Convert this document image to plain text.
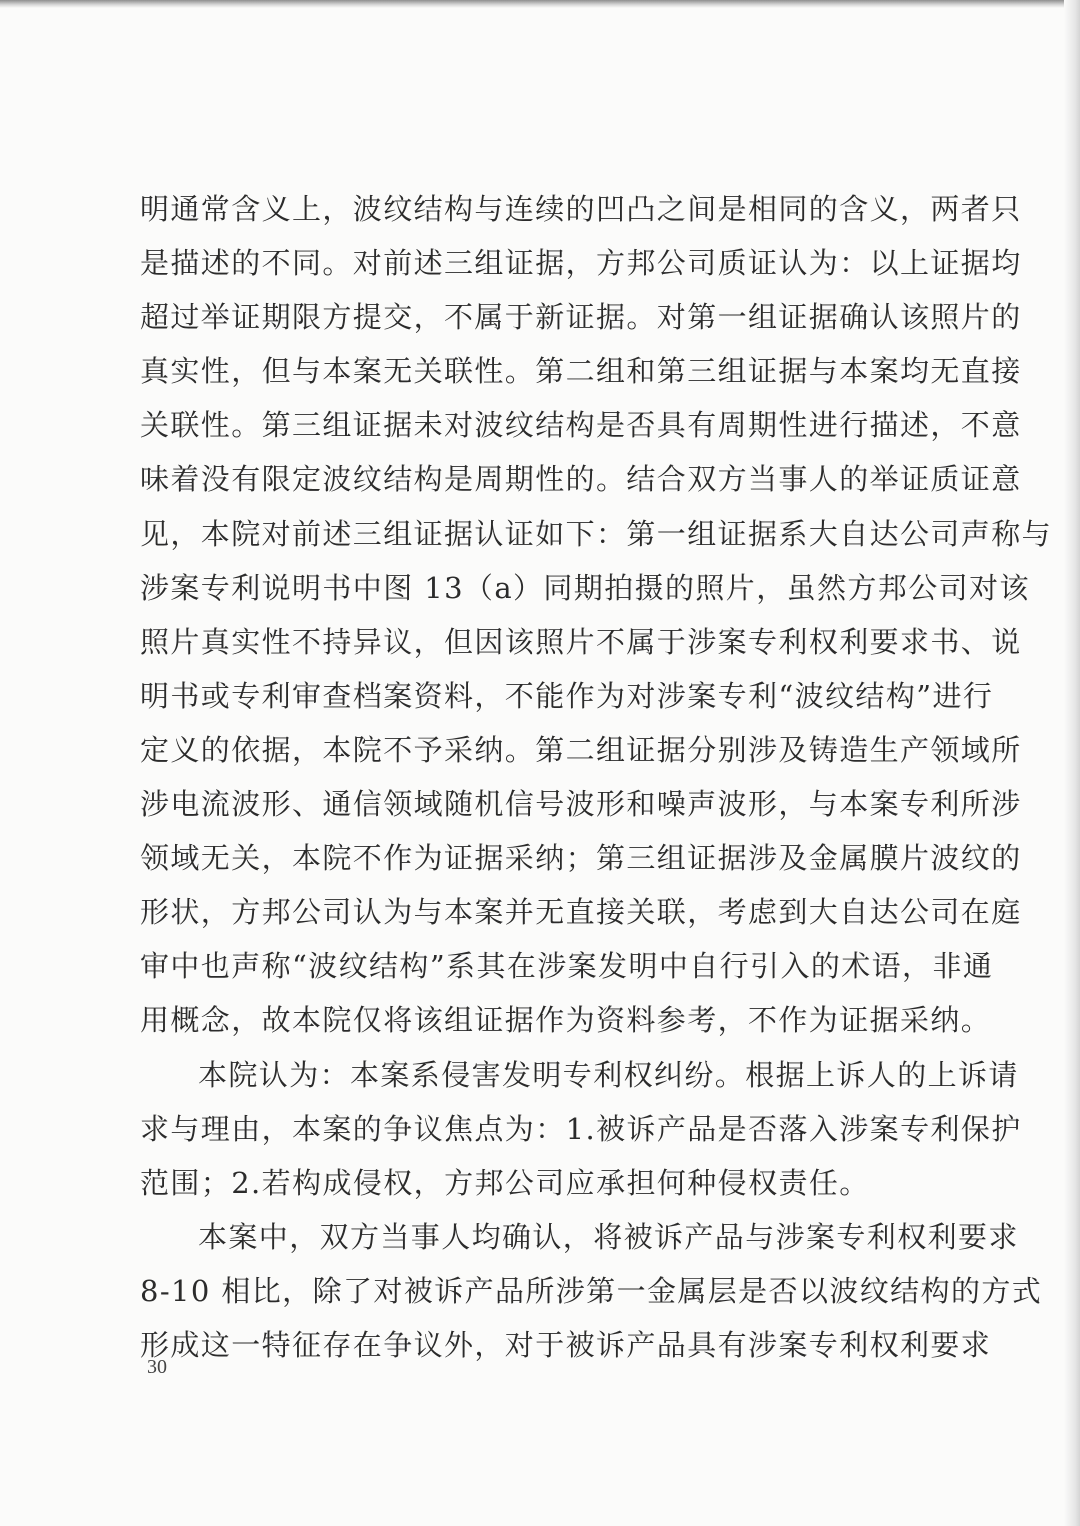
明通常含义上，波纹结构与连续的凹凸之间是相同的含义，两者只
是描述的不同。对前述三组证据，方邦公司质证认为：以上证据均
超过举证期限方提交，不属于新证据。对第一组证据确认该照片的
真实性，但与本案无关联性。第二组和第三组证据与本案均无直接
关联性。第三组证据未对波纹结构是否具有周期性进行描述，不意
味着没有限定波纹结构是周期性的。结合双方当事人的举证质证意
见，本院对前述三组证据认证如下：第一组证据系大自达公司声称与
涉案专利说明书中图 13（a）同期拍摄的照片，虽然方邦公司对该
照片真实性不持异议，但因该照片不属于涉案专利权利要求书、说
明书或专利审查档案资料，不能作为对涉案专利“波纹结构”进行
定义的依据，本院不予采纳。第二组证据分别涉及铸造生产领域所
涉电流波形、通信领域随机信号波形和噪声波形，与本案专利所涉
领域无关，本院不作为证据采纳；第三组证据涉及金属膜片波纹的
形状，方邦公司认为与本案并无直接关联，考虑到大自达公司在庭
审中也声称“波纹结构”系其在涉案发明中自行引入的术语，非通
用概念，故本院仅将该组证据作为资料参考，不作为证据采纳。
本院认为：本案系侵害发明专利权纠纷。根据上诉人的上诉请
求与理由，本案的争议焦点为：1.被诉产品是否落入涉案专利保护
范围；2.若构成侵权，方邦公司应承担何种侵权责任。
本案中，双方当事人均确认，将被诉产品与涉案专利权利要求
8-10 相比，除了对被诉产品所涉第一金属层是否以波纹结构的方式
形成这一特征存在争议外，对于被诉产品具有涉案专利权利要求

30
